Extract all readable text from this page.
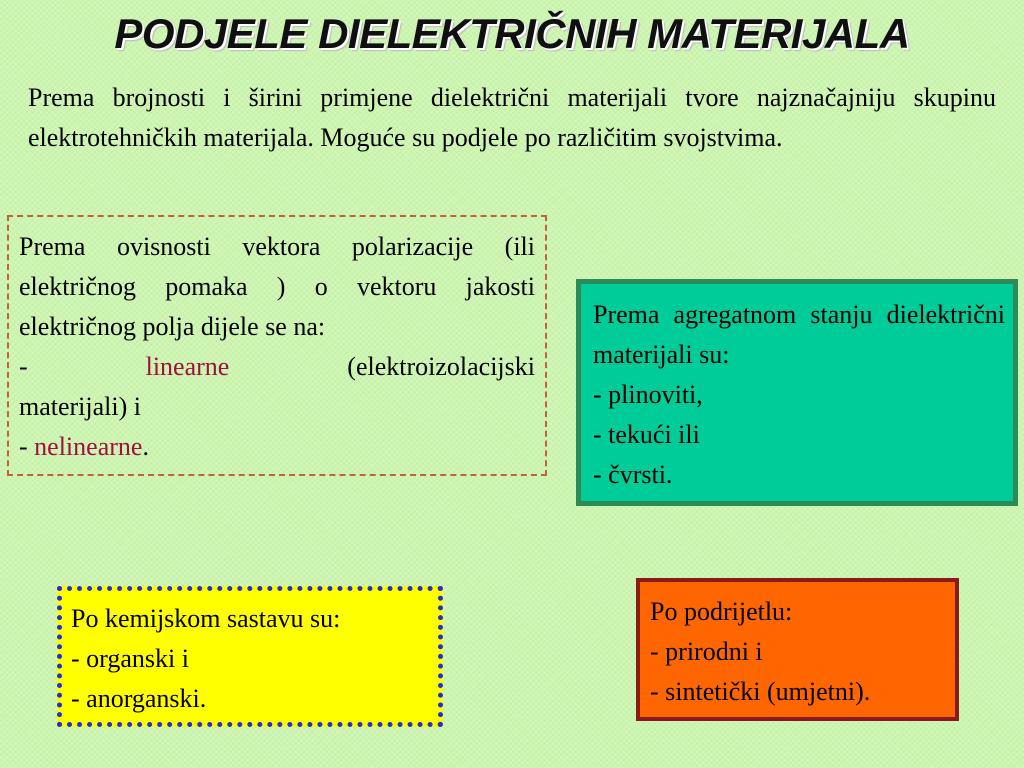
PODJELE DIELEKTRIČNIH MATERIJALA
Prema brojnosti i širini primjene dielektrični materijali tvore najznačajniju skupinu elektrotehničkih materijala. Moguće su podjele po različitim svojstvima.

Prema ovisnosti vektora polarizacije (ili električnog pomaka ) o vektoru jakosti električnog polja dijele se na:

-	linearne	(elektroizolacijski

materijali) i

- nelinearne.

Prema agregatnom stanju dielektrični materijali su:

- plinoviti,

- tekući ili

- čvrsti.

Po kemijskom sastavu su:

- organski i

- anorganski.

Po podrijetlu:

- prirodni i

- sintetički (umjetni).
